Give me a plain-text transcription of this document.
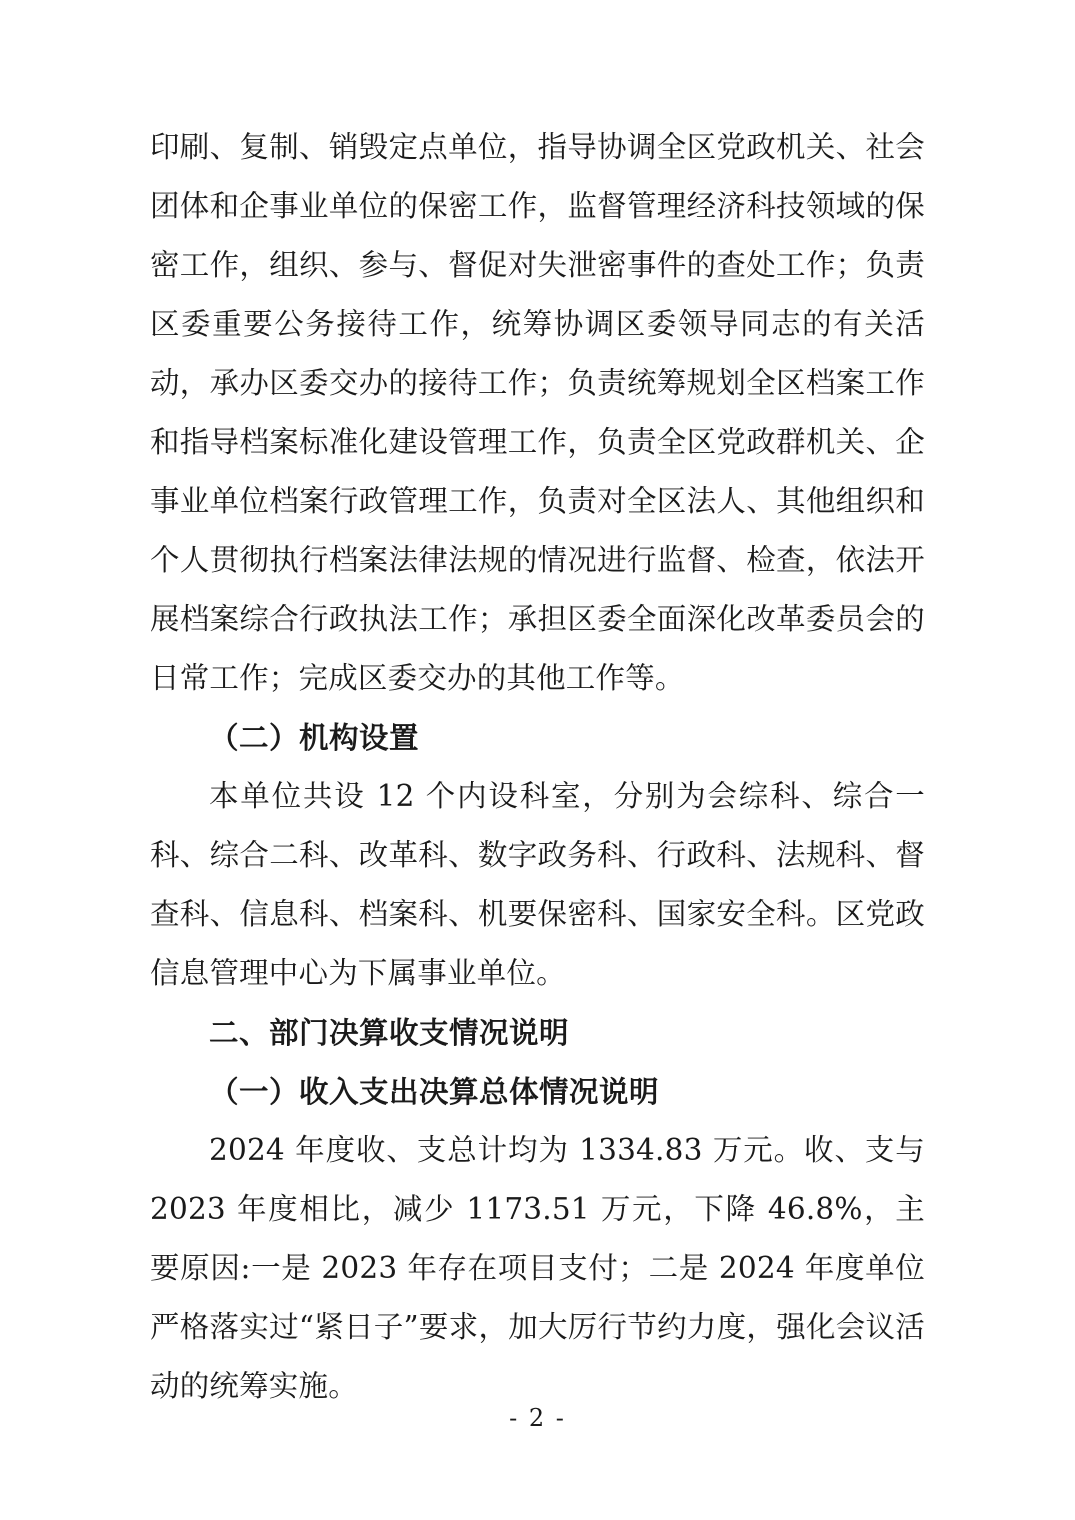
印刷、复制、销毁定点单位，指导协调全区党政机关、社会团体和企事业单位的保密工作，监督管理经济科技领域的保密工作，组织、参与、督促对失泄密事件的查处工作；负责区委重要公务接待工作，统筹协调区委领导同志的有关活动，承办区委交办的接待工作；负责统筹规划全区档案工作和指导档案标准化建设管理工作，负责全区党政群机关、企事业单位档案行政管理工作，负责对全区法人、其他组织和个人贯彻执行档案法律法规的情况进行监督、检查，依法开展档案综合行政执法工作；承担区委全面深化改革委员会的日常工作；完成区委交办的其他工作等。

（二）机构设置

本单位共设 12 个内设科室，分别为会综科、综合一科、综合二科、改革科、数字政务科、行政科、法规科、督查科、信息科、档案科、机要保密科、国家安全科。区党政信息管理中心为下属事业单位。

二、部门决算收支情况说明
（一）收入支出决算总体情况说明

2024 年度收、支总计均为 1334.83 万元。收、支与 2023 年度相比，减少 1173.51 万元，下降 46.8%，主要原因:一是 2023 年存在项目支付；二是 2024 年度单位严格落实过“紧日子”要求，加大厉行节约力度，强化会议活动的统筹实施。

- 2 -
